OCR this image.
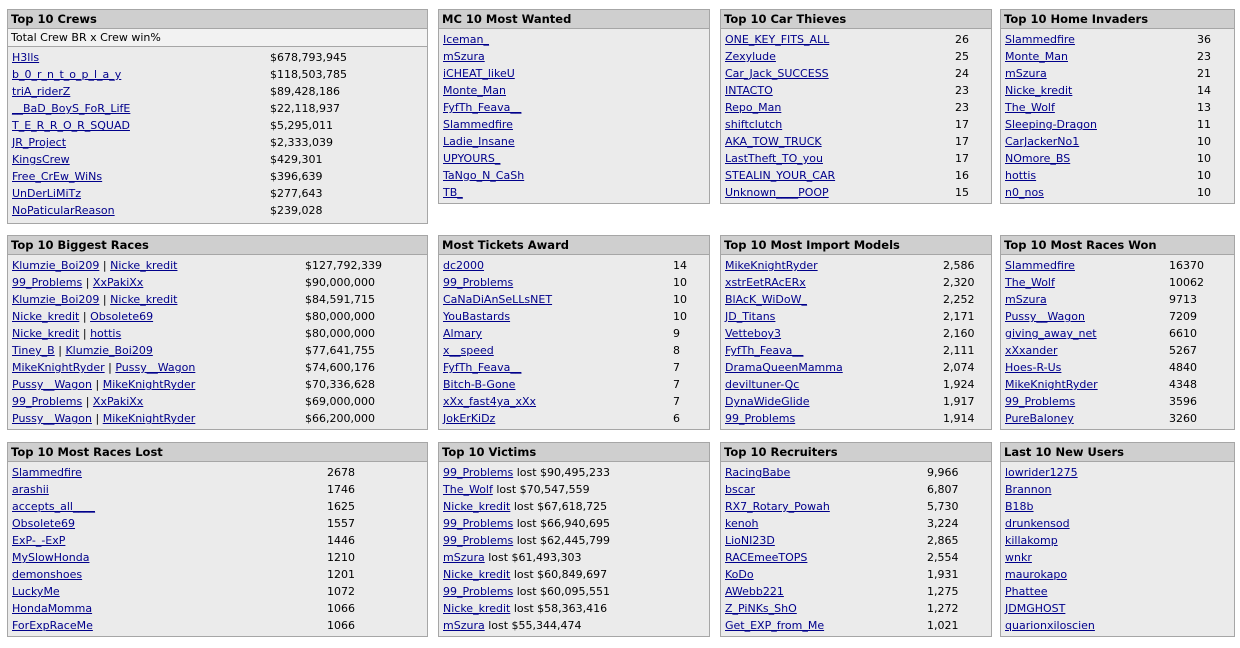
Top 10 Crews
Total Crew BR x Crew win%
H3lls	$678,793,945
b_0_r_n_t_o_p_l_a_y	$118,503,785
triA_riderZ	$89,428,186
__BaD_BoyS_FoR_LifE	$22,118,937
T_E_R_R_O_R_SQUAD	$5,295,011
JR_Project	$2,333,039
KingsCrew	$429,301
Free_CrEw_WiNs	$396,639
UnDerLiMiTz	$277,643
NoPaticularReason	$239,028
MC 10 Most Wanted
Iceman_
mSzura
iCHEAT_likeU
Monte_Man
FyfTh_Feava__
Slammedfire
Ladie_Insane
UPYOURS_
TaNgo_N_CaSh
TB_
Top 10 Car Thieves
ONE_KEY_FITS_ALL	26
Zexylude	25
Car_Jack_SUCCESS	24
INTACTO	23
Repo_Man	23
shiftclutch	17
AKA_TOW_TRUCK	17
LastTheft_TO_you	17
STEALIN_YOUR_CAR	16
Unknown____POOP	15
Top 10 Home Invaders
Slammedfire	36
Monte_Man	23
mSzura	21
Nicke_kredit	14
The_Wolf	13
Sleeping-Dragon	11
CarJackerNo1	10
NOmore_BS	10
hottis	10
n0_nos	10
Top 10 Biggest Races
Klumzie_Boi209 | Nicke_kredit	$127,792,339
99_Problems | XxPakiXx	$90,000,000
Klumzie_Boi209 | Nicke_kredit	$84,591,715
Nicke_kredit | Obsolete69	$80,000,000
Nicke_kredit | hottis	$80,000,000
Tiney_B | Klumzie_Boi209	$77,641,755
MikeKnightRyder | Pussy__Wagon	$74,600,176
Pussy__Wagon | MikeKnightRyder	$70,336,628
99_Problems | XxPakiXx	$69,000,000
Pussy__Wagon | MikeKnightRyder	$66,200,000
Most Tickets Award
dc2000	14
99_Problems	10
CaNaDiAnSeLLsNET	10
YouBastards	10
Almary	9
x__speed	8
FyfTh_Feava__	7
Bitch-B-Gone	7
xXx_fast4ya_xXx	7
JokErKiDz	6
Top 10 Most Import Models
MikeKnightRyder	2,586
xstrEetRAcERx	2,320
BlAcK_WiDoW_	2,252
JD_Titans	2,171
Vetteboy3	2,160
FyfTh_Feava__	2,111
DramaQueenMamma	2,074
deviltuner-Qc	1,924
DynaWideGlide	1,917
99_Problems	1,914
Top 10 Most Races Won
Slammedfire	16370
The_Wolf	10062
mSzura	9713
Pussy__Wagon	7209
giving_away_net	6610
xXxander	5267
Hoes-R-Us	4840
MikeKnightRyder	4348
99_Problems	3596
PureBaloney	3260
Top 10 Most Races Lost
Slammedfire	2678
arashii	1746
accepts_all____	1625
Obsolete69	1557
ExP-_-ExP	1446
MySlowHonda	1210
demonshoes	1201
LuckyMe	1072
HondaMomma	1066
ForExpRaceMe	1066
Top 10 Victims
99_Problems lost $90,495,233
The_Wolf lost $70,547,559
Nicke_kredit lost $67,618,725
99_Problems lost $66,940,695
99_Problems lost $62,445,799
mSzura lost $61,493,303
Nicke_kredit lost $60,849,697
99_Problems lost $60,095,551
Nicke_kredit lost $58,363,416
mSzura lost $55,344,474
Top 10 Recruiters
RacingBabe	9,966
bscar	6,807
RX7_Rotary_Powah	5,730
kenoh	3,224
LioNI23D	2,865
RACEmeeTOPS	2,554
KoDo	1,931
AWebb221	1,275
Z_PiNKs_ShO	1,272
Get_EXP_from_Me	1,021
Last 10 New Users
lowrider1275
Brannon
B18b
drunkensod
killakomp
wnkr
maurokapo
Phattee
JDMGHOST
quarionxiloscien
